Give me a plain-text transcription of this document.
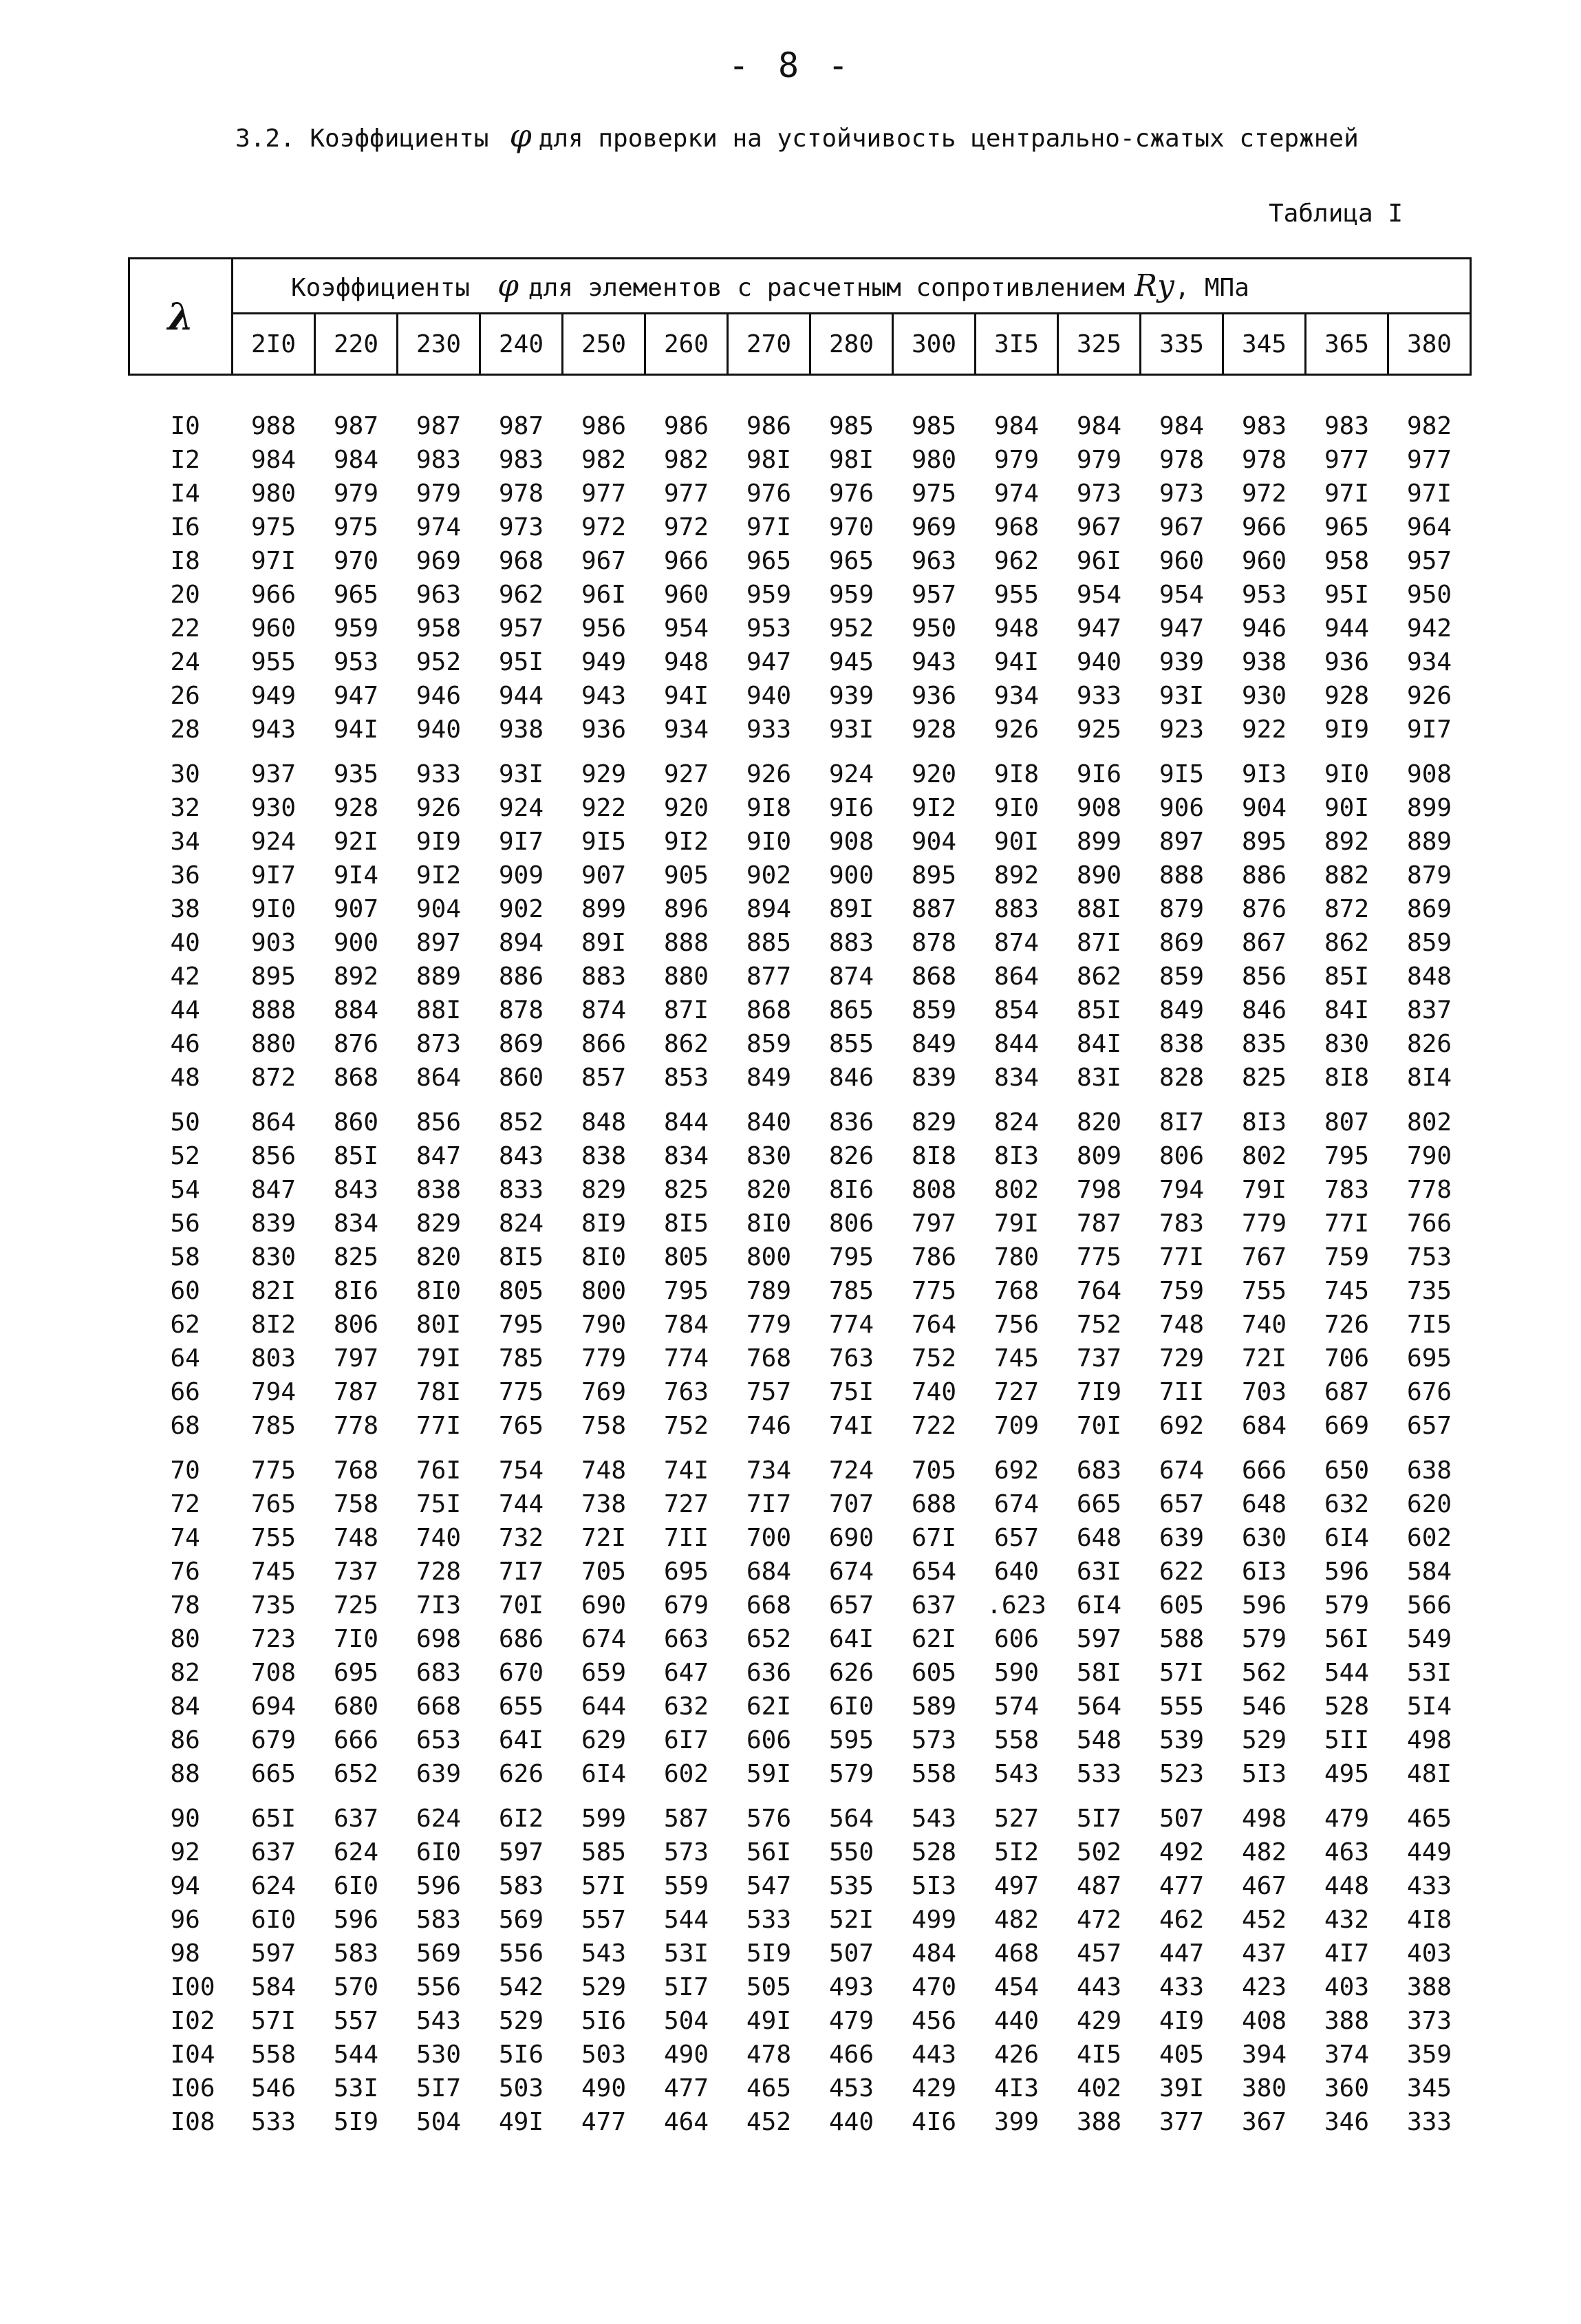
- 8 -
3.2. Коэффициенты φ для проверки на устойчивость центрально-сжатых стержней
Таблица I
λ	Коэффициенты φ для элементов с расчетным сопротивлением Rу, МПа														
	2I0	220	230	240	250	260	270	280	300	3I5	325	335	345	365	380

I0	988	987	987	987	986	986	986	985	985	984	984	984	983	983	982
I2	984	984	983	983	982	982	98I	98I	980	979	979	978	978	977	977
I4	980	979	979	978	977	977	976	976	975	974	973	973	972	97I	97I
I6	975	975	974	973	972	972	97I	970	969	968	967	967	966	965	964
I8	97I	970	969	968	967	966	965	965	963	962	96I	960	960	958	957
20	966	965	963	962	96I	960	959	959	957	955	954	954	953	95I	950
22	960	959	958	957	956	954	953	952	950	948	947	947	946	944	942
24	955	953	952	95I	949	948	947	945	943	94I	940	939	938	936	934
26	949	947	946	944	943	94I	940	939	936	934	933	93I	930	928	926
28	943	94I	940	938	936	934	933	93I	928	926	925	923	922	9I9	9I7
30	937	935	933	93I	929	927	926	924	920	9I8	9I6	9I5	9I3	9I0	908
32	930	928	926	924	922	920	9I8	9I6	9I2	9I0	908	906	904	90I	899
34	924	92I	9I9	9I7	9I5	9I2	9I0	908	904	90I	899	897	895	892	889
36	9I7	9I4	9I2	909	907	905	902	900	895	892	890	888	886	882	879
38	9I0	907	904	902	899	896	894	89I	887	883	88I	879	876	872	869
40	903	900	897	894	89I	888	885	883	878	874	87I	869	867	862	859
42	895	892	889	886	883	880	877	874	868	864	862	859	856	85I	848
44	888	884	88I	878	874	87I	868	865	859	854	85I	849	846	84I	837
46	880	876	873	869	866	862	859	855	849	844	84I	838	835	830	826
48	872	868	864	860	857	853	849	846	839	834	83I	828	825	8I8	8I4
50	864	860	856	852	848	844	840	836	829	824	820	8I7	8I3	807	802
52	856	85I	847	843	838	834	830	826	8I8	8I3	809	806	802	795	790
54	847	843	838	833	829	825	820	8I6	808	802	798	794	79I	783	778
56	839	834	829	824	8I9	8I5	8I0	806	797	79I	787	783	779	77I	766
58	830	825	820	8I5	8I0	805	800	795	786	780	775	77I	767	759	753
60	82I	8I6	8I0	805	800	795	789	785	775	768	764	759	755	745	735
62	8I2	806	80I	795	790	784	779	774	764	756	752	748	740	726	7I5
64	803	797	79I	785	779	774	768	763	752	745	737	729	72I	706	695
66	794	787	78I	775	769	763	757	75I	740	727	7I9	7II	703	687	676
68	785	778	77I	765	758	752	746	74I	722	709	70I	692	684	669	657
70	775	768	76I	754	748	74I	734	724	705	692	683	674	666	650	638
72	765	758	75I	744	738	727	7I7	707	688	674	665	657	648	632	620
74	755	748	740	732	72I	7II	700	690	67I	657	648	639	630	6I4	602
76	745	737	728	7I7	705	695	684	674	654	640	63I	622	6I3	596	584
78	735	725	7I3	70I	690	679	668	657	637	.623	6I4	605	596	579	566
80	723	7I0	698	686	674	663	652	64I	62I	606	597	588	579	56I	549
82	708	695	683	670	659	647	636	626	605	590	58I	57I	562	544	53I
84	694	680	668	655	644	632	62I	6I0	589	574	564	555	546	528	5I4
86	679	666	653	64I	629	6I7	606	595	573	558	548	539	529	5II	498
88	665	652	639	626	6I4	602	59I	579	558	543	533	523	5I3	495	48I
90	65I	637	624	6I2	599	587	576	564	543	527	5I7	507	498	479	465
92	637	624	6I0	597	585	573	56I	550	528	5I2	502	492	482	463	449
94	624	6I0	596	583	57I	559	547	535	5I3	497	487	477	467	448	433
96	6I0	596	583	569	557	544	533	52I	499	482	472	462	452	432	4I8
98	597	583	569	556	543	53I	5I9	507	484	468	457	447	437	4I7	403
I00	584	570	556	542	529	5I7	505	493	470	454	443	433	423	403	388
I02	57I	557	543	529	5I6	504	49I	479	456	440	429	4I9	408	388	373
I04	558	544	530	5I6	503	490	478	466	443	426	4I5	405	394	374	359
I06	546	53I	5I7	503	490	477	465	453	429	4I3	402	39I	380	360	345
I08	533	5I9	504	49I	477	464	452	440	4I6	399	388	377	367	346	333
